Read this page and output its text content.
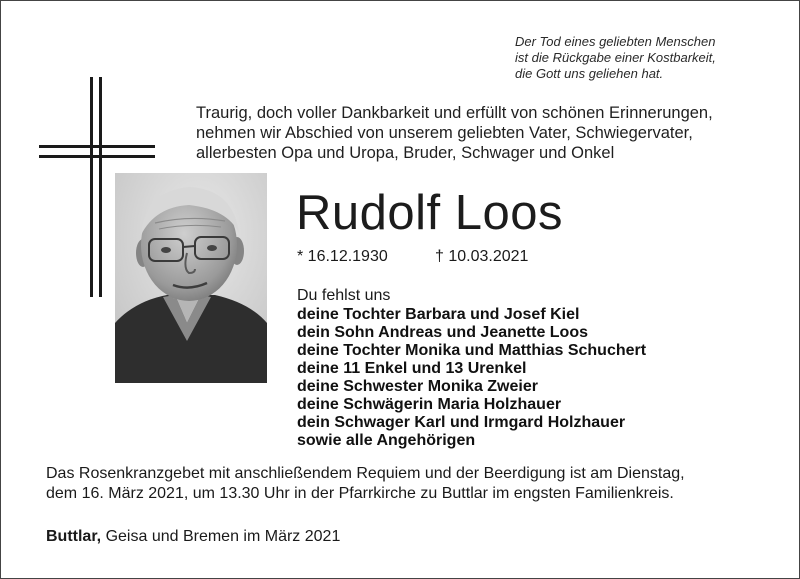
Der Tod eines geliebten Menschen
ist die Rückgabe einer Kostbarkeit,
die Gott uns geliehen hat.
Traurig, doch voller Dankbarkeit und erfüllt von schönen Erinnerungen,
nehmen wir Abschied von unserem geliebten Vater, Schwiegervater,
allerbesten Opa und Uropa, Bruder, Schwager und Onkel
Rudolf Loos
* 16.12.1930	† 10.03.2021
Du fehlst uns
deine Tochter Barbara und Josef Kiel
dein Sohn Andreas und Jeanette Loos
deine Tochter Monika und Matthias Schuchert
deine 11 Enkel und 13 Urenkel
deine Schwester Monika Zweier
deine Schwägerin Maria Holzhauer
dein Schwager Karl und Irmgard Holzhauer
sowie alle Angehörigen
Das Rosenkranzgebet mit anschließendem Requiem und der Beerdigung ist am Dienstag,
dem 16. März 2021, um 13.30 Uhr in der Pfarrkirche zu Buttlar im engsten Familienkreis.
Buttlar, Geisa und Bremen im März 2021
